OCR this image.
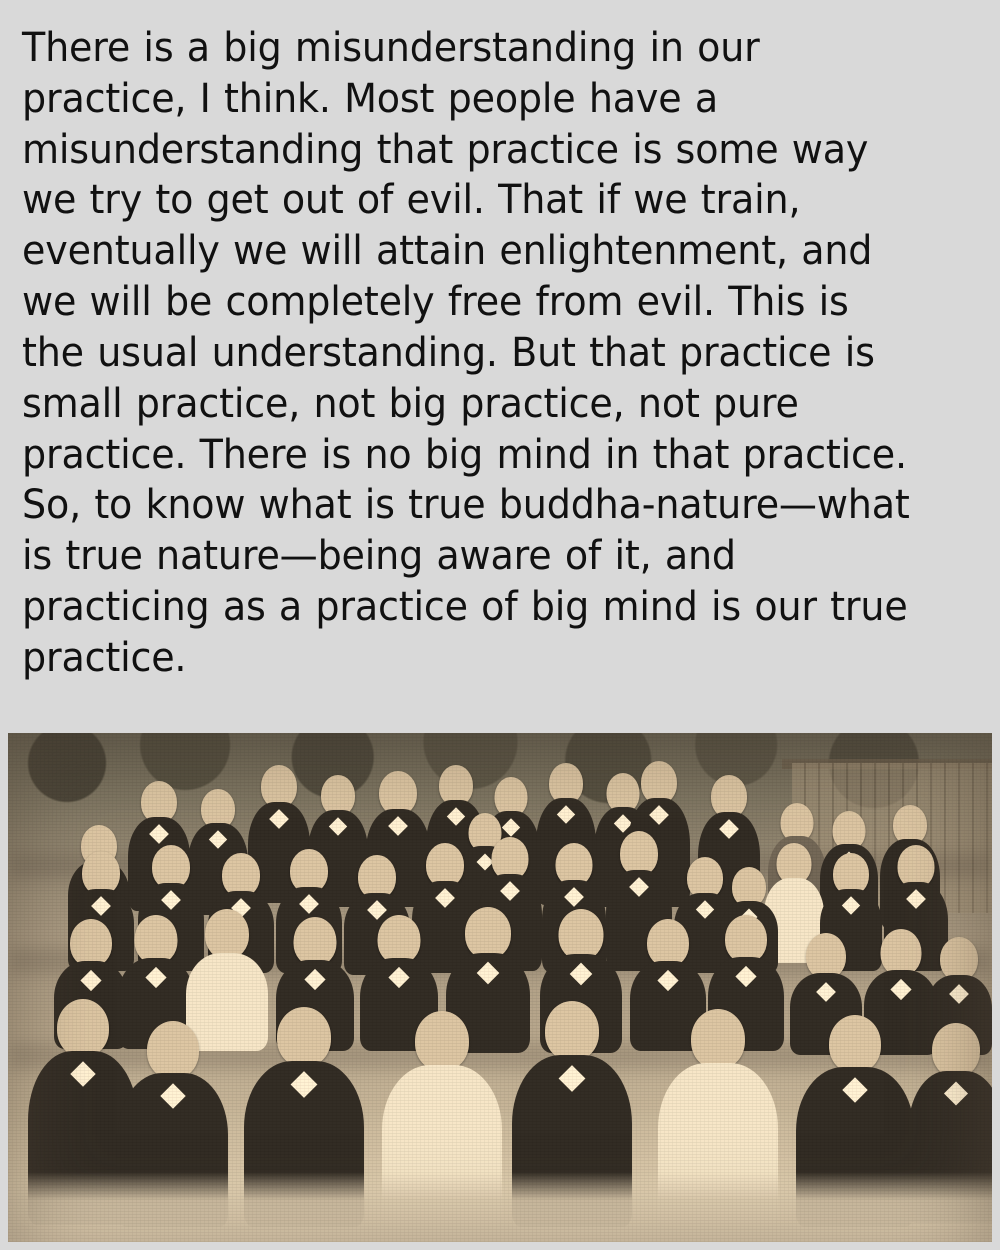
There is a big misunderstanding in our practice, I think. Most people have a misunderstanding that practice is some way we try to get out of evil. That if we train, eventually we will attain enlightenment, and we will be completely free from evil. This is the usual understanding. But that practice is small practice, not big practice, not pure practice. There is no big mind in that practice. So, to know what is true buddha-nature—what is true nature—being aware of it, and practicing as a practice of big mind is our true practice.
